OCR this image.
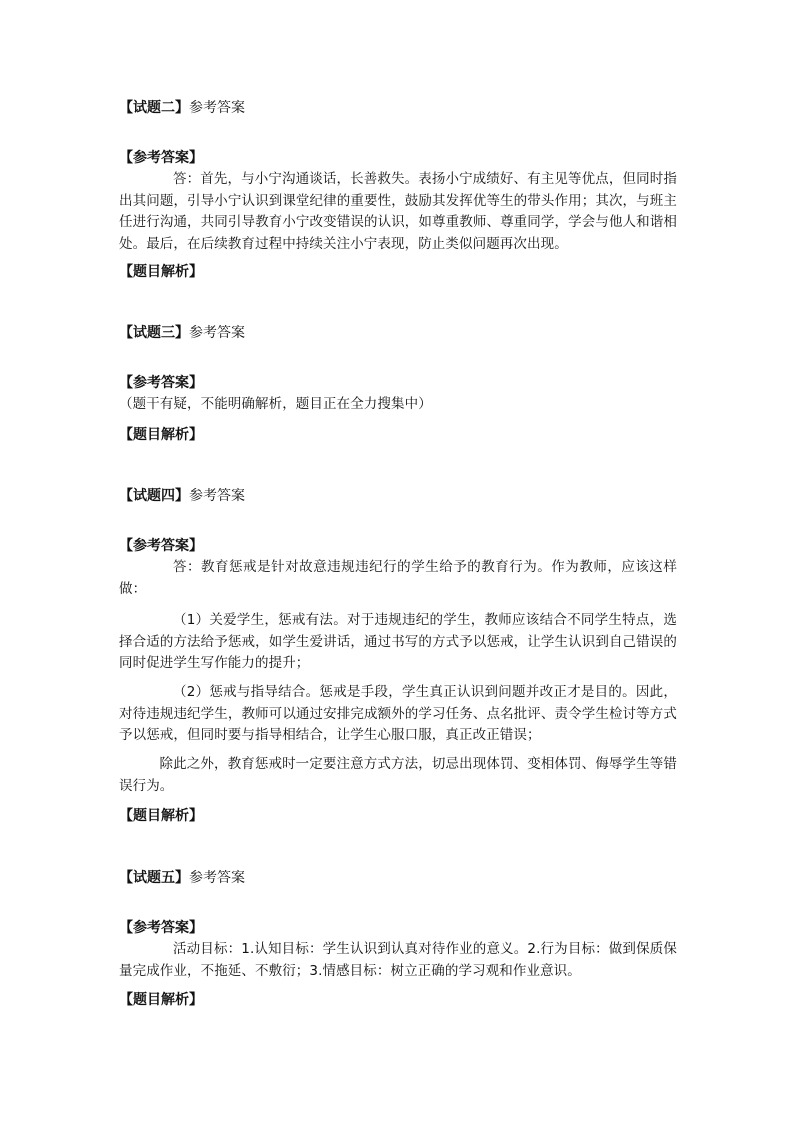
【试题二】参考答案
【参考答案】
答：首先，与小宁沟通谈话，长善救失。表扬小宁成绩好、有主见等优点，但同时指出其问题，引导小宁认识到课堂纪律的重要性，鼓励其发挥优等生的带头作用；其次，与班主任进行沟通，共同引导教育小宁改变错误的认识，如尊重教师、尊重同学，学会与他人和谐相处。最后，在后续教育过程中持续关注小宁表现，防止类似问题再次出现。
【题目解析】
【试题三】参考答案
【参考答案】
（题干有疑，不能明确解析，题目正在全力搜集中）
【题目解析】
【试题四】参考答案
【参考答案】
答：教育惩戒是针对故意违规违纪行的学生给予的教育行为。作为教师，应该这样做：
（1）关爱学生，惩戒有法。对于违规违纪的学生，教师应该结合不同学生特点，选择合适的方法给予惩戒，如学生爱讲话，通过书写的方式予以惩戒，让学生认识到自己错误的同时促进学生写作能力的提升；
（2）惩戒与指导结合。惩戒是手段，学生真正认识到问题并改正才是目的。因此，对待违规违纪学生，教师可以通过安排完成额外的学习任务、点名批评、责令学生检讨等方式予以惩戒，但同时要与指导相结合，让学生心服口服，真正改正错误；
除此之外，教育惩戒时一定要注意方式方法，切忌出现体罚、变相体罚、侮辱学生等错误行为。
【题目解析】
【试题五】参考答案
【参考答案】
活动目标：1.认知目标：学生认识到认真对待作业的意义。2.行为目标：做到保质保量完成作业，不拖延、不敷衍；3.情感目标：树立正确的学习观和作业意识。
【题目解析】
